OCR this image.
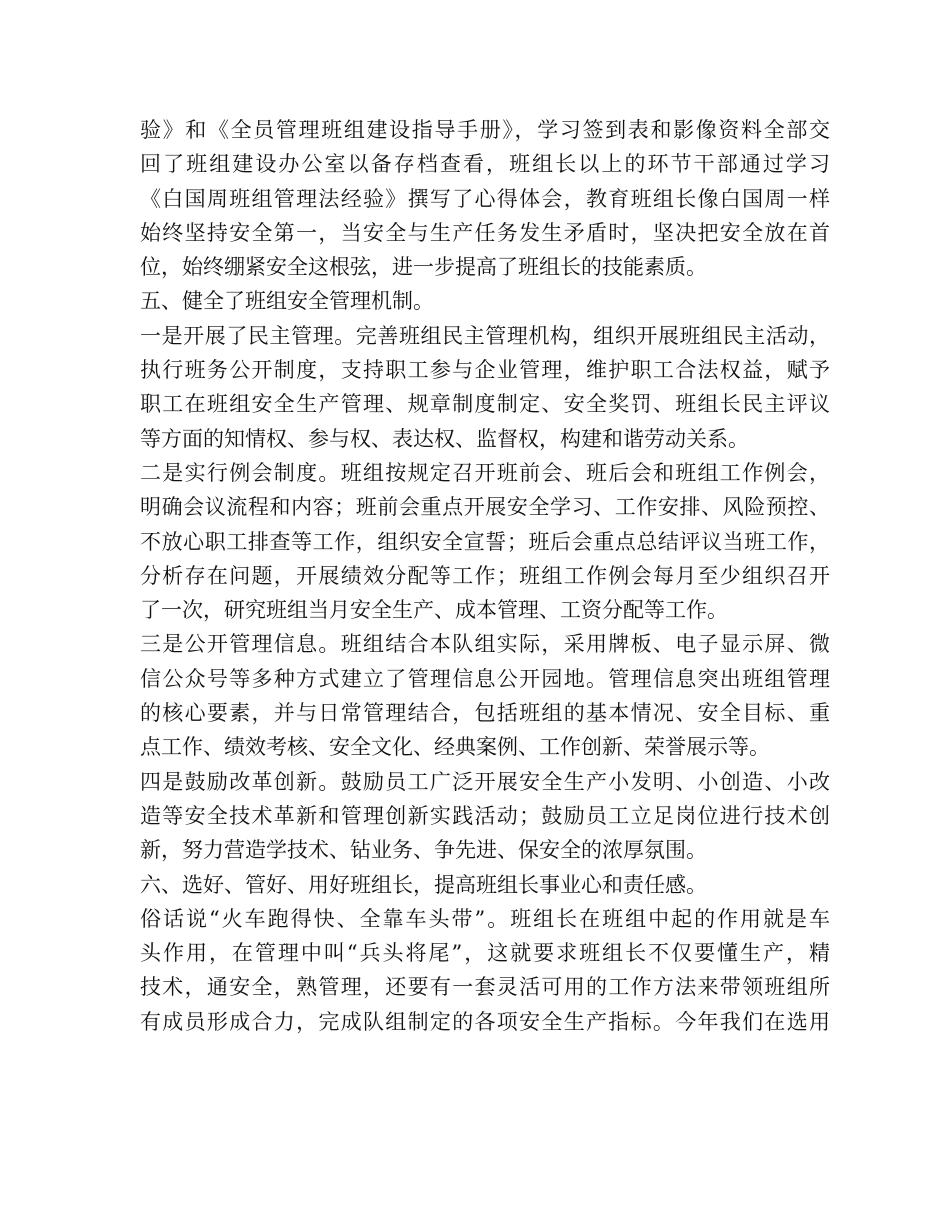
验》和《全员管理班组建设指导手册》，学习签到表和影像资料全部交
回了班组建设办公室以备存档查看，班组长以上的环节干部通过学习
《白国周班组管理法经验》撰写了心得体会，教育班组长像白国周一样
始终坚持安全第一，当安全与生产任务发生矛盾时，坚决把安全放在首
位，始终绷紧安全这根弦，进一步提高了班组长的技能素质。
五、健全了班组安全管理机制。
一是开展了民主管理。完善班组民主管理机构，组织开展班组民主活动，
执行班务公开制度，支持职工参与企业管理，维护职工合法权益，赋予
职工在班组安全生产管理、规章制度制定、安全奖罚、班组长民主评议
等方面的知情权、参与权、表达权、监督权，构建和谐劳动关系。
二是实行例会制度。班组按规定召开班前会、班后会和班组工作例会，
明确会议流程和内容；班前会重点开展安全学习、工作安排、风险预控、
不放心职工排查等工作，组织安全宣誓；班后会重点总结评议当班工作，
分析存在问题，开展绩效分配等工作；班组工作例会每月至少组织召开
了一次，研究班组当月安全生产、成本管理、工资分配等工作。
三是公开管理信息。班组结合本队组实际，采用牌板、电子显示屏、微
信公众号等多种方式建立了管理信息公开园地。管理信息突出班组管理
的核心要素，并与日常管理结合，包括班组的基本情况、安全目标、重
点工作、绩效考核、安全文化、经典案例、工作创新、荣誉展示等。
四是鼓励改革创新。鼓励员工广泛开展安全生产小发明、小创造、小改
造等安全技术革新和管理创新实践活动；鼓励员工立足岗位进行技术创
新，努力营造学技术、钻业务、争先进、保安全的浓厚氛围。
六、选好、管好、用好班组长，提高班组长事业心和责任感。
俗话说“火车跑得快、全靠车头带”。班组长在班组中起的作用就是车
头作用，在管理中叫“兵头将尾”，这就要求班组长不仅要懂生产，精
技术，通安全，熟管理，还要有一套灵活可用的工作方法来带领班组所
有成员形成合力，完成队组制定的各项安全生产指标。今年我们在选用
